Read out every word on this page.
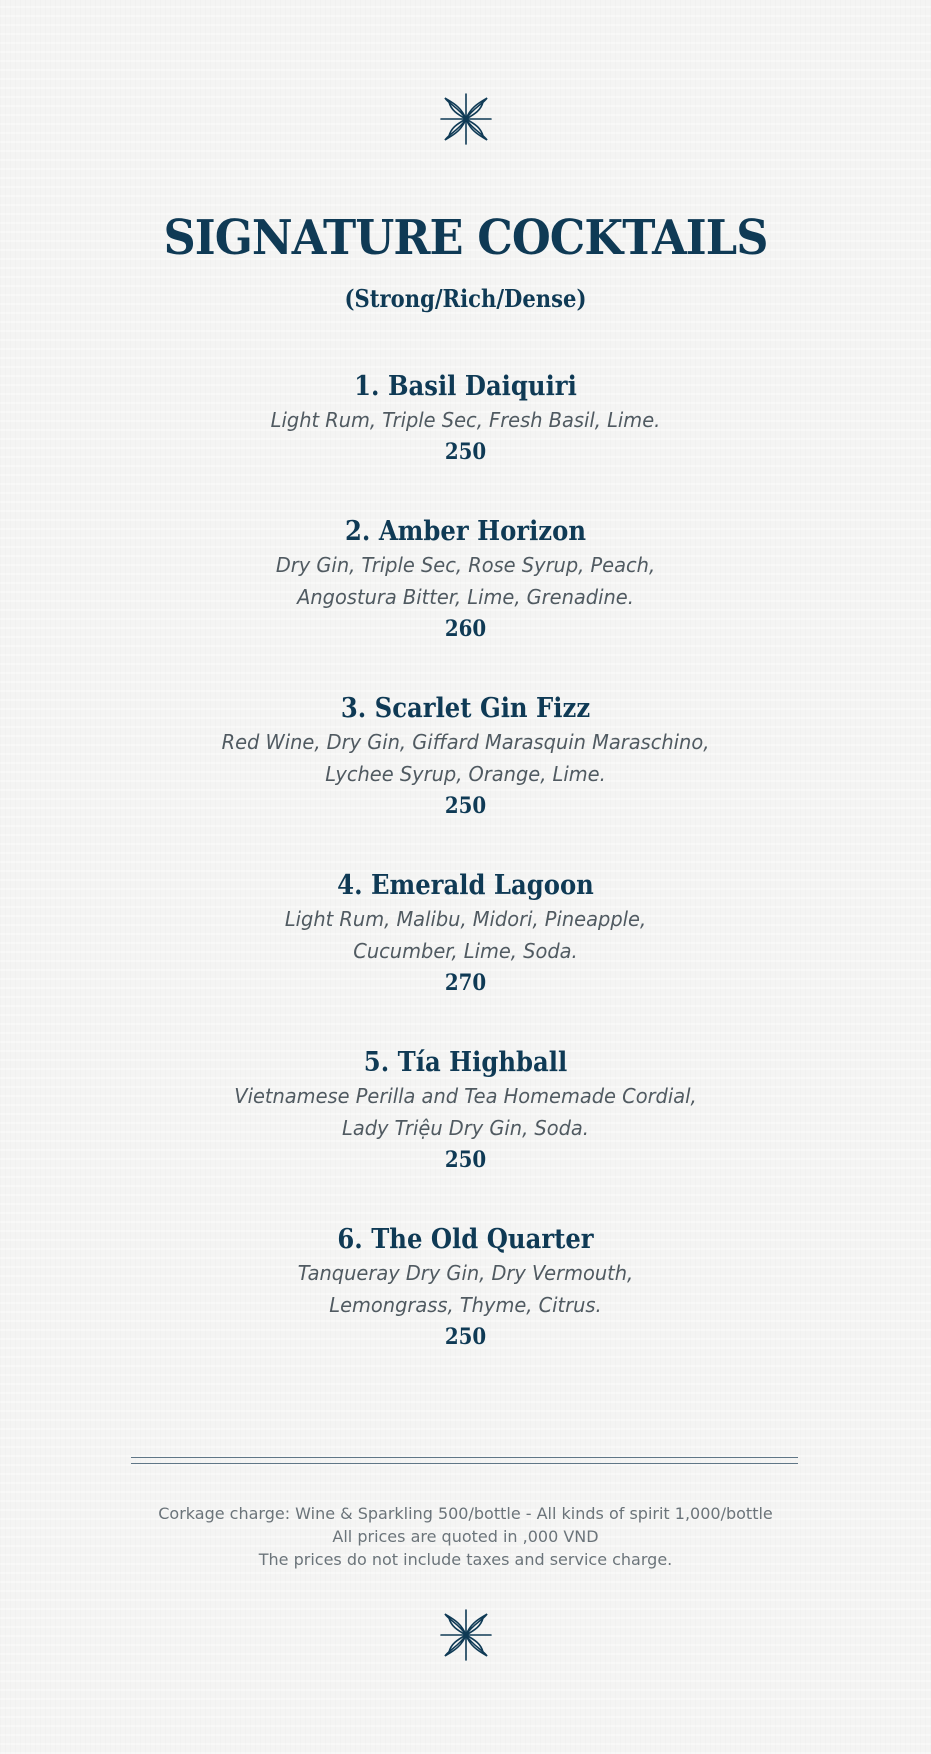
SIGNATURE COCKTAILS
(Strong/Rich/Dense)
1. Basil Daiquiri
Light Rum, Triple Sec, Fresh Basil, Lime.
250
2. Amber Horizon
Dry Gin, Triple Sec, Rose Syrup, Peach,
Angostura Bitter, Lime, Grenadine.
260
3. Scarlet Gin Fizz
Red Wine, Dry Gin, Giffard Marasquin Maraschino,
Lychee Syrup, Orange, Lime.
250
4. Emerald Lagoon
Light Rum, Malibu, Midori, Pineapple,
Cucumber, Lime, Soda.
270
5. Tía Highball
Vietnamese Perilla and Tea Homemade Cordial,
Lady Triệu Dry Gin, Soda.
250
6. The Old Quarter
Tanqueray Dry Gin, Dry Vermouth,
Lemongrass, Thyme, Citrus.
250
Corkage charge: Wine & Sparkling 500/bottle - All kinds of spirit 1,000/bottle
All prices are quoted in ,000 VND
The prices do not include taxes and service charge.
